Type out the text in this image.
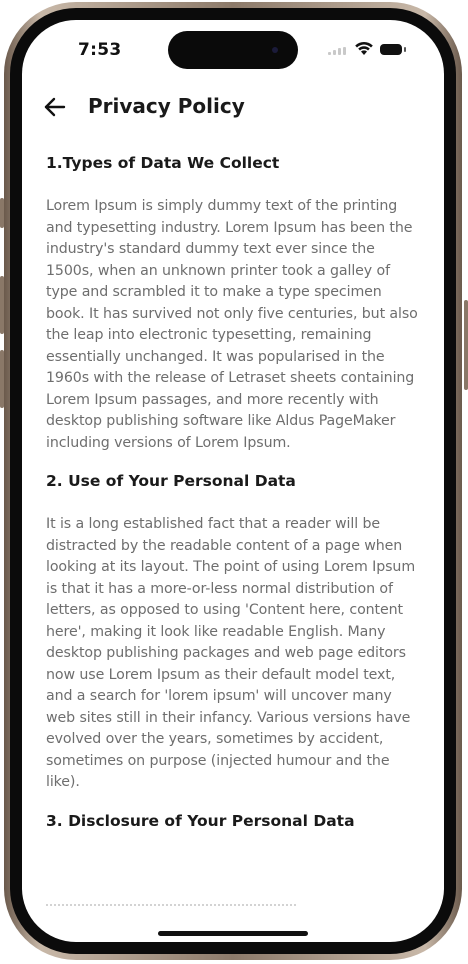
7:53
Privacy Policy
1.Types of Data We Collect

Lorem Ipsum is simply dummy text of the printing and typesetting industry. Lorem Ipsum has been the industry's standard dummy text ever since the 1500s, when an unknown printer took a galley of type and scrambled it to make a type specimen book. It has survived not only five centuries, but also the leap into electronic typesetting, remaining essentially unchanged. It was popularised in the 1960s with the release of Letraset sheets containing Lorem Ipsum passages, and more recently with desktop publishing software like Aldus PageMaker including versions of Lorem Ipsum.

2. Use of Your Personal Data

It is a long established fact that a reader will be distracted by the readable content of a page when looking at its layout. The point of using Lorem Ipsum is that it has a more-or-less normal distribution of letters, as opposed to using 'Content here, content here', making it look like readable English. Many desktop publishing packages and web page editors now use Lorem Ipsum as their default model text, and a search for 'lorem ipsum' will uncover many web sites still in their infancy. Various versions have evolved over the years, sometimes by accident, sometimes on purpose (injected humour and the like).

3. Disclosure of Your Personal Data
